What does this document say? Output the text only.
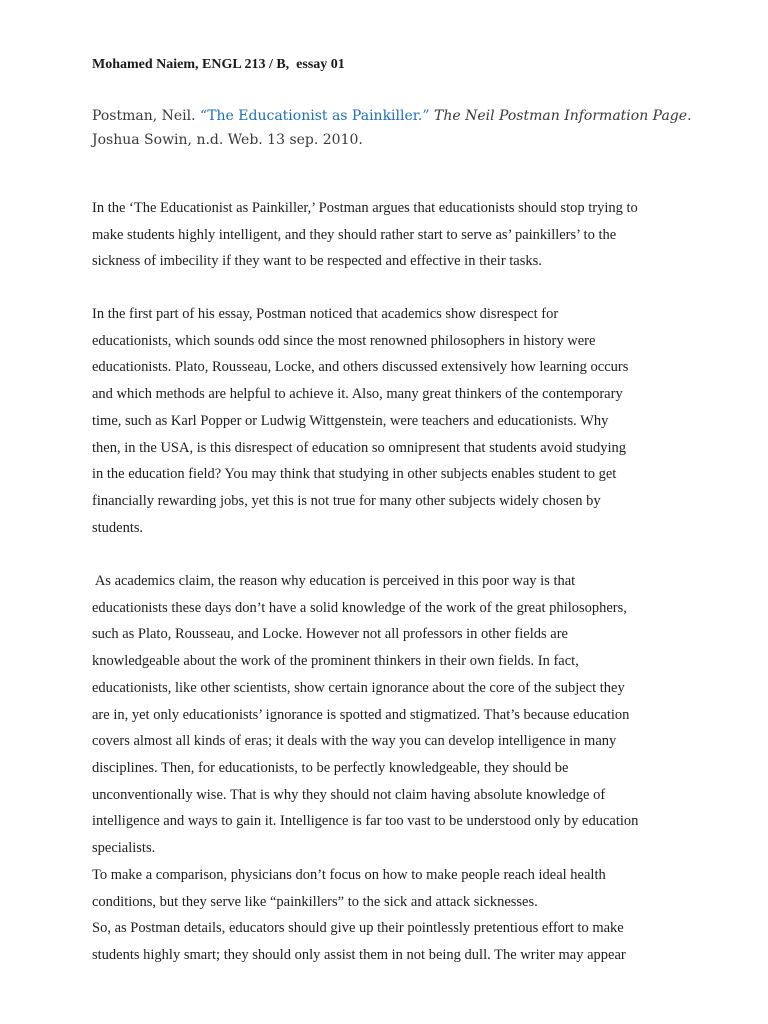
Mohamed Naiem, ENGL 213 / B,  essay 01
Postman, Neil. “The Educationist as Painkiller.” The Neil Postman Information Page.
Joshua Sowin, n.d. Web. 13 sep. 2010.
In the ‘The Educationist as Painkiller,’ Postman argues that educationists should stop trying to
make students highly intelligent, and they should rather start to serve as’ painkillers’ to the
sickness of imbecility if they want to be respected and effective in their tasks.
In the first part of his essay, Postman noticed that academics show disrespect for
educationists, which sounds odd since the most renowned philosophers in history were
educationists. Plato, Rousseau, Locke, and others discussed extensively how learning occurs
and which methods are helpful to achieve it. Also, many great thinkers of the contemporary
time, such as Karl Popper or Ludwig Wittgenstein, were teachers and educationists. Why
then, in the USA, is this disrespect of education so omnipresent that students avoid studying
in the education field? You may think that studying in other subjects enables student to get
financially rewarding jobs, yet this is not true for many other subjects widely chosen by
students.
As academics claim, the reason why education is perceived in this poor way is that
educationists these days don’t have a solid knowledge of the work of the great philosophers,
such as Plato, Rousseau, and Locke. However not all professors in other fields are
knowledgeable about the work of the prominent thinkers in their own fields. In fact,
educationists, like other scientists, show certain ignorance about the core of the subject they
are in, yet only educationists’ ignorance is spotted and stigmatized. That’s because education
covers almost all kinds of eras; it deals with the way you can develop intelligence in many
disciplines. Then, for educationists, to be perfectly knowledgeable, they should be
unconventionally wise. That is why they should not claim having absolute knowledge of
intelligence and ways to gain it. Intelligence is far too vast to be understood only by education
specialists.
To make a comparison, physicians don’t focus on how to make people reach ideal health
conditions, but they serve like “painkillers” to the sick and attack sicknesses.
So, as Postman details, educators should give up their pointlessly pretentious effort to make
students highly smart; they should only assist them in not being dull. The writer may appear
